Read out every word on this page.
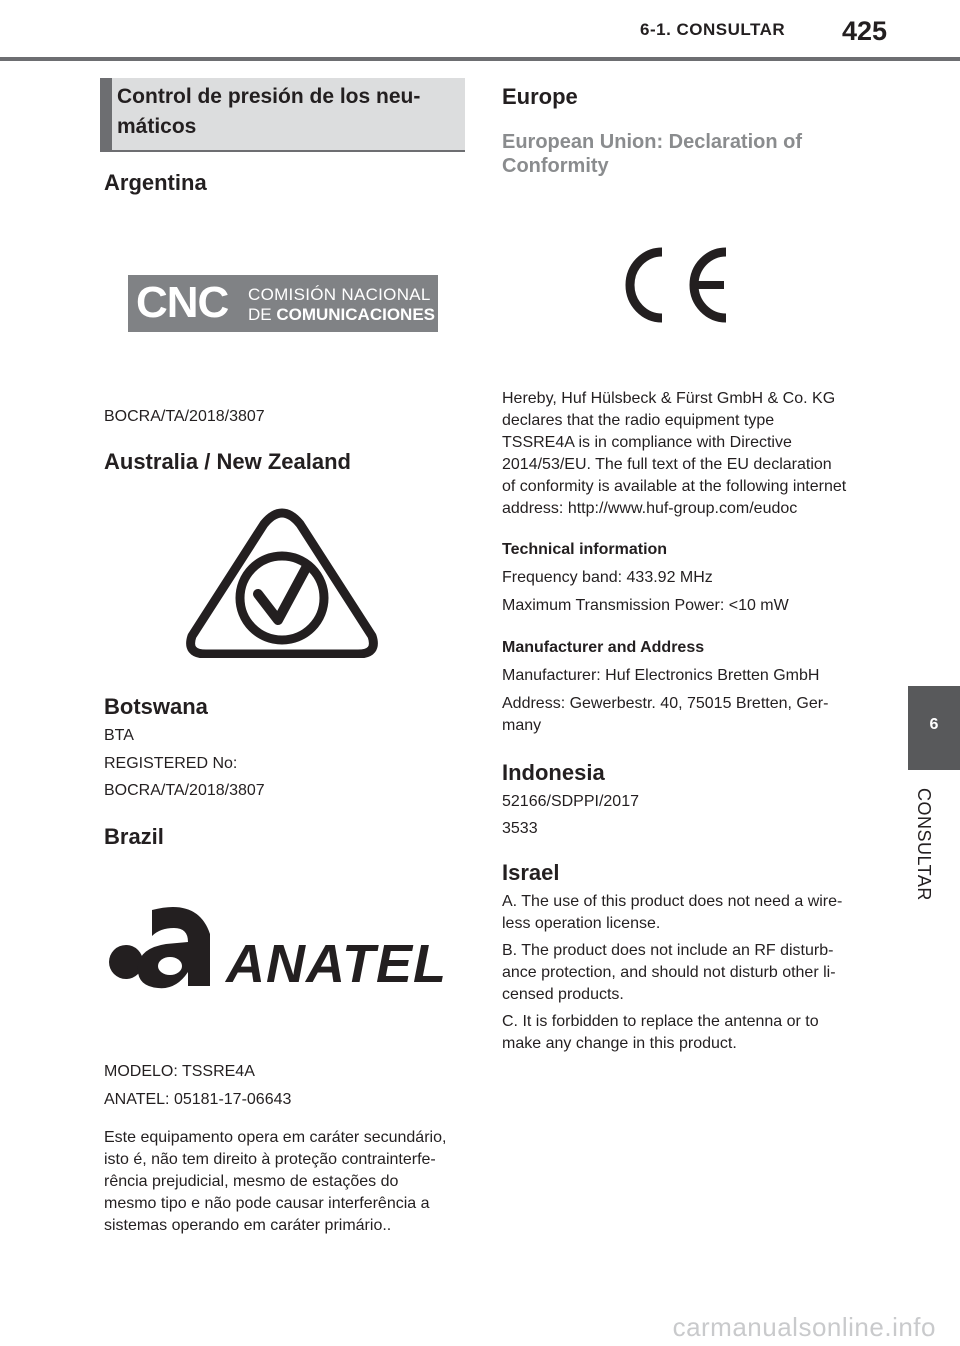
6-1. CONSULTAR 425
6
CONSULTAR
Control de presión de los neu-
máticos
Argentina
CNC COMISIÓN NACIONAL
DE COMUNICACIONES
BOCRA/TA/2018/3807
Australia / New Zealand
Botswana
BTA
REGISTERED No:
BOCRA/TA/2018/3807
Brazil
ANATEL
MODELO: TSSRE4A
ANATEL: 05181-17-06643
Este equipamento opera em caráter secundário,
isto é, não tem direito à proteção contrainterfe-
rência prejudicial, mesmo de estações do
mesmo tipo e não pode causar interferência a
sistemas operando em caráter primário..
Europe
European Union: Declaration of
Conformity
Hereby, Huf Hülsbeck & Fürst GmbH & Co. KG
declares that the radio equipment type
TSSRE4A is in compliance with Directive
2014/53/EU. The full text of the EU declaration
of conformity is available at the following internet
address: http://www.huf-group.com/eudoc
Technical information
Frequency band: 433.92 MHz
Maximum Transmission Power: <10 mW
Manufacturer and Address
Manufacturer: Huf Electronics Bretten GmbH
Address: Gewerbestr. 40, 75015 Bretten, Ger-
many
Indonesia
52166/SDPPI/2017
3533
Israel
A. The use of this product does not need a wire-
less operation license.
B. The product does not include an RF disturb-
ance protection, and should not disturb other li-
censed products.
C. It is forbidden to replace the antenna or to
make any change in this product.
carmanualsonline.info
